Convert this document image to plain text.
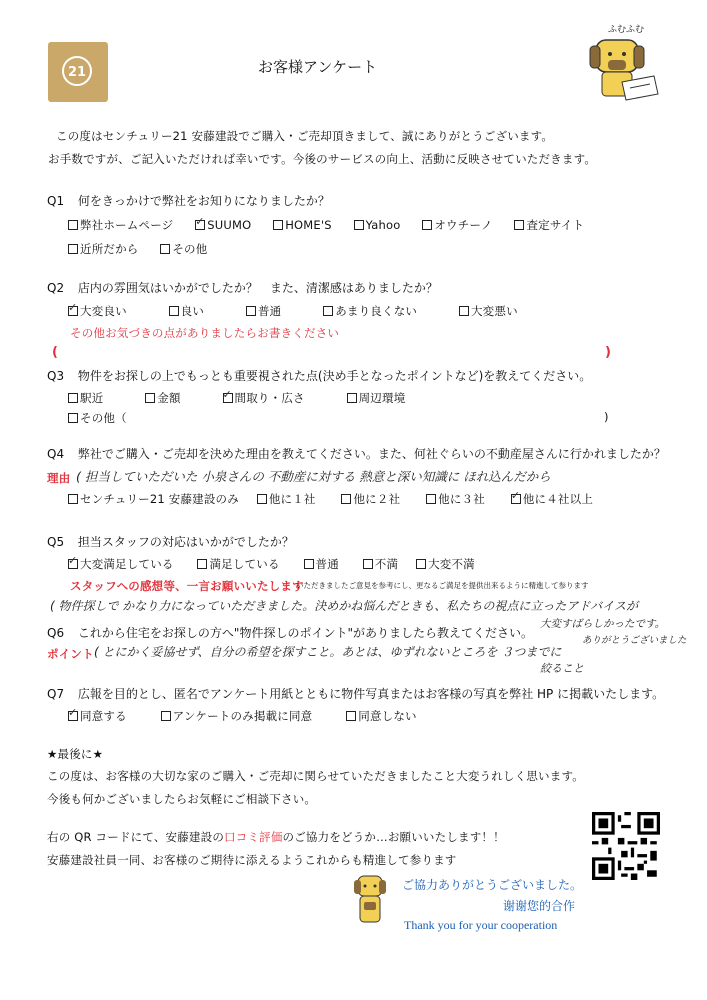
21	お客様アンケート
ふむふむ
この度はセンチュリー21 安藤建設でご購入・ご売却頂きまして、誠にありがとうございます。
お手数ですが、ご記入いただければ幸いです。今後のサービスの向上、活動に反映させていただきます。
Q1 何をきっかけで弊社をお知りになりましたか？
弊社ホームページ ✓	SUUMO	HOME'S	Yahoo	オウチーノ	査定サイト
近所だから	その他
Q2 店内の雰囲気はいかがでしたか？　また、清潔感はありましたか？
✓大変良い	良い	普通	あまり良くない	大変悪い
その他お気づきの点がありましたらお書きください
(	)
Q3 物件をお探しの上でもっとも重要視された点(決め手となったポイントなど)を教えてください。
駅近	金額 ✓	間取り・広さ	周辺環境
その他（	)
Q4 弊社でご購入・ご売却を決めた理由を教えてください。また、何社ぐらいの不動産屋さんに行かれましたか？
理由 ( 担当していただいた 小泉さんの 不動産に対する 熱意と深い知識に ほれ込んだから
センチュリー21 安藤建設のみ	他に１社	他に２社	他に３社 ✓	他に４社以上
Q5 担当スタッフの対応はいかがでしたか？
✓大変満足している	満足している	普通	不満	大変不満
スタッフへの感想等、一言お願いいたします
いただきましたご意見を参考にし、更なるご満足を提供出来るように精進して参ります
( 物件探しで かなり力になっていただきました。決めかね悩んだときも、私たちの視点に立ったアドバイスが
大変すばらしかったです。
ありがとうございました
Q6 これから住宅をお探しの方へ"物件探しのポイント"がありましたら教えてください。
ポイント ( とにかく妥協せず、自分の希望を探すこと。あとは、ゆずれないところを ３つまでに
絞ること
Q7 広報を目的とし、匿名でアンケート用紙とともに物件写真またはお客様の写真を弊社 HP に掲載いたします。
✓同意する	アンケートのみ掲載に同意	同意しない
★最後に★
この度は、お客様の大切な家のご購入・ご売却に関らせていただきましたこと大変うれしく思います。
今後も何かございましたらお気軽にご相談下さい。
右の QR コードにて、安藤建設の口コミ評価のご協力をどうか…お願いいたします！！
安藤建設社員一同、お客様のご期待に添えるようこれからも精進して参ります
ご協力ありがとうございました。
谢谢您的合作
Thank you for your cooperation
